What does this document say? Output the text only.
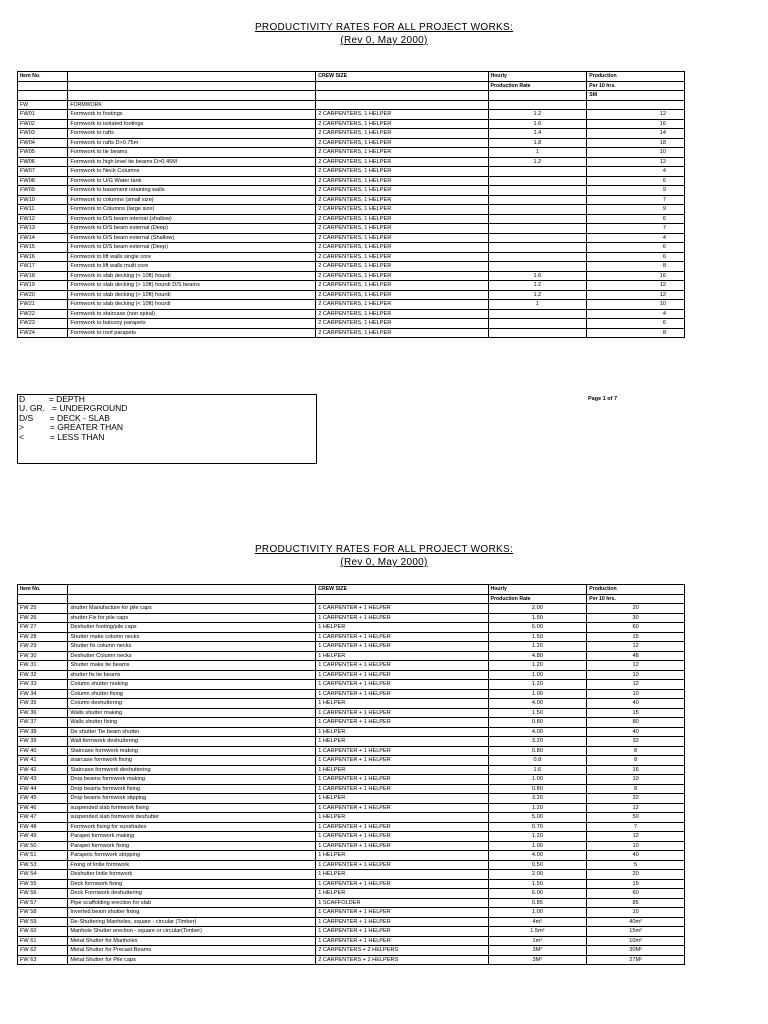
PRODUCTIVITY RATES FOR ALL PROJECT WORKS:
(Rev 0, May 2000)
Item No.		CREW SIZE	Hourly	Production
			Production Rate	Per 10 hrs.
				SM
FW	FORMWORK			
FW01	Formwork to footings	2 CARPENTERS, 1 HELPER	1.2	12
FW02	Formwork to isolated footings	2 CARPENTERS, 1 HELPER	1.6	16
FW03	Formwork to rafts	2 CARPENTERS, 1 HELPER	1.4	14
FW04	Formwork to rafts D>0.75m	2 CARPENTERS, 1 HELPER	1.8	18
FW05	Formwork to tie beams	2 CARPENTERS, 1 HELPER	1	10
FW06	Formwork to high level tie beams D>0.45M	2 CARPENTERS, 1 HELPER	1.2	12
FW07	Formwork to Neck Columns	2 CARPENTERS, 1 HELPER		4
FW08	Formwork to U/G Water tank	2 CARPENTERS, 1 HELPER		6
FW09	Formwork to basement retaining walls	2 CARPENTERS, 1 HELPER		9
FW10	Formwork to columns (small size)	2 CARPENTERS, 1 HELPER		7
FW11	Formwork to Columns (large size)	2 CARPENTERS, 1 HELPER		9
FW12	Formwork to D/S beam internal (shallow)	2 CARPENTERS, 1 HELPER		6
FW13	Formwork to D/S beam external (Deep)	2 CARPENTERS, 1 HELPER		7
FW14	Formwork to D/S beam external (Shallow)	2 CARPENTERS, 1 HELPER		4
FW15	Formwork to D/S beam external (Deep)	2 CARPENTERS, 1 HELPER		6
FW16	Formwork to lift walls single core	2 CARPENTERS, 1 HELPER		6
FW17	Formwork to lift walls multi core	2 CARPENTERS, 1 HELPER		8
FW18	Formwork to slab decking (< 10ft) hourdi	2 CARPENTERS, 1 HELPER	1.6	16
FW19	Formwork to slab decking (> 10ft) hourdi D/S beams	2 CARPENTERS, 1 HELPER	1.2	12
FW20	Formwork to slab decking (> 10ft) hourdi	2 CARPENTERS, 1 HELPER	1.2	12
FW21	Formwork to slab decking (< 10ft) hourdi	2 CARPENTERS, 1 HELPER	1	10
FW22	Formwork to staircase (non spiral)	2 CARPENTERS, 1 HELPER		4
FW23	Formwork to balcony parapets	2 CARPENTERS, 1 HELPER		6
FW24	Formwork to roof parapets	2 CARPENTERS, 1 HELPER		8
D          = DEPTH
U. GR.   = UNDERGROUND
D/S       = DECK - SLAB
>           = GREATER THAN
<           = LESS THAN
Page 1 of 7
PRODUCTIVITY RATES FOR ALL PROJECT WORKS:
(Rev 0, May 2000)
Item No.		CREW SIZE	Hourly	Production
			Production Rate	Per 10 hrs.
FW 25	shutter Manufacture for pile caps	1 CARPENTER + 1 HELPER	2.00	20
FW 26	shutter Fix for pile caps	1 CARPENTER + 1 HELPER	1.50	30
FW 27	Deshutter footing/pile caps	1 HELPER	6.00	60
FW 28	Shutter make column necks	1 CARPENTER + 1 HELPER	1.50	15
FW 29	Shutter fix column necks	1 CARPENTER + 1 HELPER	1.20	12
FW 30	Deshutter Column necks	1 HELPER	4.80	48
FW 31	Shutter make tie beams	1 CARPENTER + 1 HELPER	1.20	12
FW 32	shutter fix tie beams	1 CARPENTER + 1 HELPER	1.00	10
FW 33	Column shutter making	1 CARPENTER + 1 HELPER	1.20	12
FW 34	Column shutter fixing	1 CARPENTER + 1 HELPER	1.00	10
FW 35	Column deshuttering	1 HELPER	4.00	40
FW 36	Walls shutter making	1 CARPENTER + 1 HELPER	1.50	15
FW 37	Walls shutter fixing	1 CARPENTER + 1 HELPER	0.80	80
FW 38	De shutter Tie beam shutter	1 HELPER	4.00	40
FW 39	Wall formwork deshuttering	1 HELPER	3.20	32
FW 40	Staircase formwork making	1 CARPENTER + 1 HELPER	0.80	8
FW 41	staircase formwork fixing	1 CARPENTER + 1 HELPER	0.8	8
FW 42	Staircase formwork deshuttering	1 HELPER	1.6	16
FW 43	Drop beams formwork making	1 CARPENTER + 1 HELPER	1.00	10
FW 44	Drop beams formwork fixing	1 CARPENTER + 1 HELPER	0.80	8
FW 45	Drop beams formwork stipping	1 HELPER	3.20	32
FW 46	suspended slab formwork fixing	1 CARPENTER + 1 HELPER	1.20	12
FW 47	suspended slab formwork deshutter	1 HELPER	5.00	50
FW 48	Formwork fixing for sunshades	1 CARPENTER + 1 HELPER	0.70	7
FW 49	Parapet formwork making	1 CARPENTER + 1 HELPER	1.20	12
FW 50	Parapet formwork fixing	1 CARPENTER + 1 HELPER	1.00	10
FW 51	Parapets formwork stripping	1 HELPER	4.00	40
FW 53	Fixing of lintle formwork	1 CARPENTER + 1 HELPER	0.50	5
FW 54	Deshutter lintle formwork	1 HELPER	2.00	20
FW 55	Deck formwork fixing	1 CARPENTER + 1 HELPER	1.50	15
FW 56	Deck Formwork deshuttering	1 HELPER	6.00	60
FW 57	Pipe scaffolding erection for slab	1 SCAFFOLDER	0.85	85
FW 58	Inverted beam shutter fixing	1 CARPENTER + 1 HELPER	1.00	10
FW 59	De-Shuttering Manholes, square - circular (Timber)	1 CARPENTER + 1 HELPER	4m²	40m²
FW 60	Manhole Shutter erection - square or circular(Timber)	1 CARPENTER + 1 HELPER	1.5m²	15m²
FW 61	Metal Shutter for Manholes	1 CARPENTER + 1 HELPER	1m²	10m²
FW 62	Metal Shutter for Precast Beams	2 CARPENTERS + 2 HELPERS	3M²	30M²
FW 63	Metal Shutter for Pile caps	2 CARPENTERS + 2 HELPERS	3M²	27M²
